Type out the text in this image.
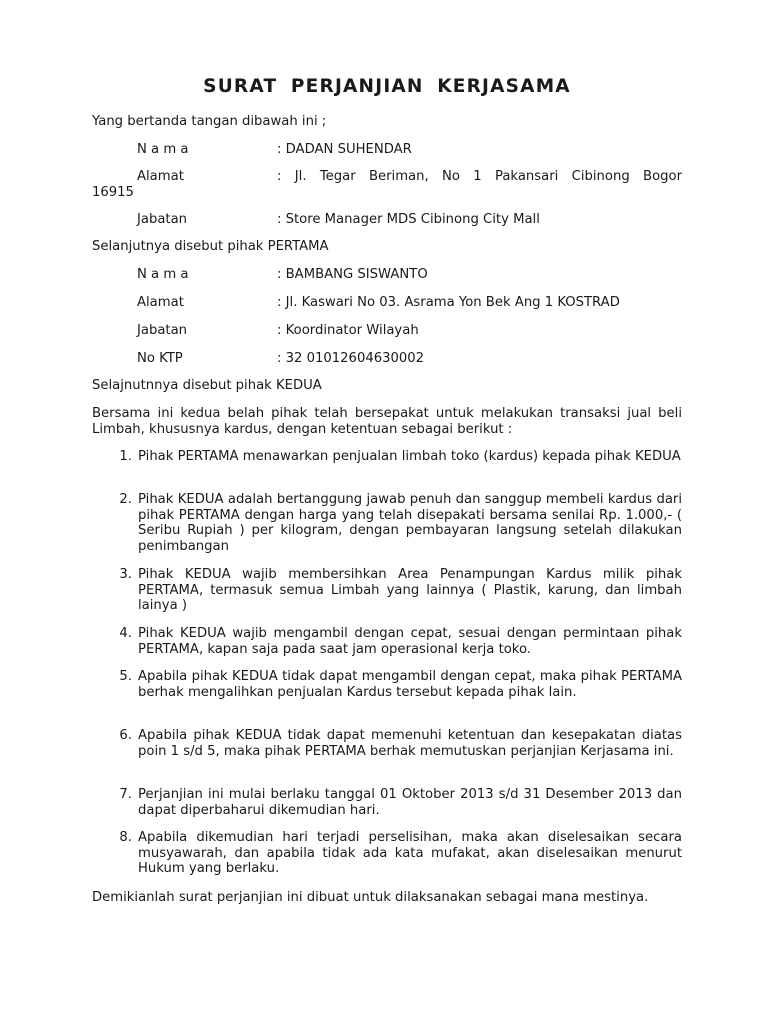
SURAT PERJANJIAN KERJASAMA
Yang bertanda tangan dibawah ini ;
N a m a	: DADAN SUHENDAR
Alamat	: Jl. Tegar Beriman, No 1 Pakansari Cibinong Bogor
16915
Jabatan	: Store Manager MDS Cibinong City Mall
Selanjutnya disebut pihak PERTAMA
N a m a	: BAMBANG SISWANTO
Alamat	: Jl. Kaswari No 03. Asrama Yon Bek Ang 1 KOSTRAD
Jabatan	: Koordinator Wilayah
No KTP	: 32 01012604630002
Selajnutnnya disebut pihak KEDUA
Bersama ini kedua belah pihak telah bersepakat untuk melakukan transaksi jual beli Limbah, khususnya kardus, dengan ketentuan sebagai berikut :
1. Pihak PERTAMA menawarkan penjualan limbah toko (kardus) kepada pihak KEDUA
2. Pihak KEDUA adalah bertanggung jawab penuh dan sanggup membeli kardus dari pihak PERTAMA dengan harga yang telah disepakati bersama senilai Rp. 1.000,- ( Seribu Rupiah ) per kilogram, dengan pembayaran langsung setelah dilakukan penimbangan
3. Pihak KEDUA wajib membersihkan Area Penampungan Kardus milik pihak PERTAMA, termasuk semua Limbah yang lainnya ( Plastik, karung, dan limbah lainya )
4. Pihak KEDUA wajib mengambil dengan cepat, sesuai dengan permintaan pihak PERTAMA, kapan saja pada saat jam operasional kerja toko.
5. Apabila pihak KEDUA tidak dapat mengambil dengan cepat, maka pihak PERTAMA berhak mengalihkan penjualan Kardus tersebut kepada pihak lain.
6. Apabila pihak KEDUA tidak dapat memenuhi ketentuan dan kesepakatan diatas poin 1 s/d 5, maka pihak PERTAMA berhak memutuskan perjanjian Kerjasama ini.
7. Perjanjian ini mulai berlaku tanggal 01 Oktober 2013 s/d 31 Desember 2013 dan dapat diperbaharui dikemudian hari.
8. Apabila dikemudian hari terjadi perselisihan, maka akan diselesaikan secara musyawarah, dan apabila tidak ada kata mufakat, akan diselesaikan menurut Hukum yang berlaku.
Demikianlah surat perjanjian ini dibuat untuk dilaksanakan sebagai mana mestinya.
